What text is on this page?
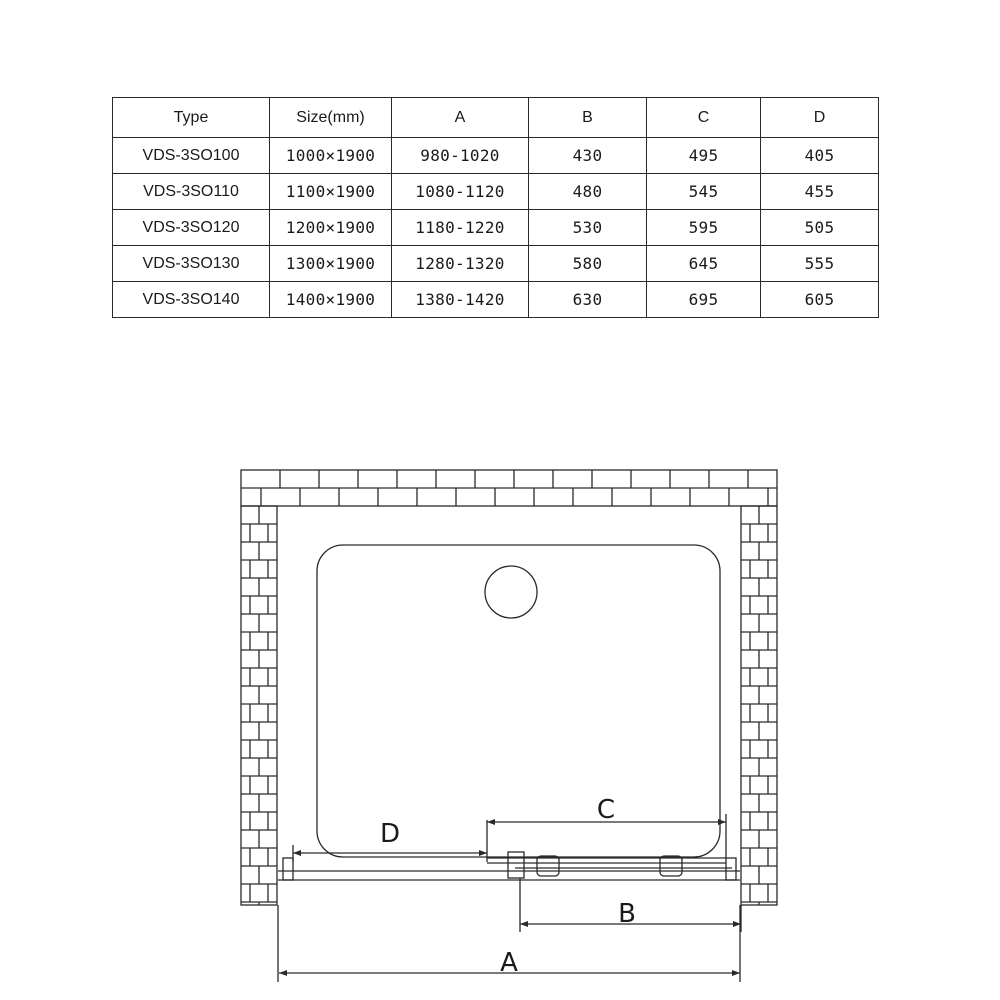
Type	Size(mm)	A	B	C	D
VDS-3SO100	1000×1900	980-1020	430	495	405
VDS-3SO110	1100×1900	1080-1120	480	545	455
VDS-3SO120	1200×1900	1180-1220	530	595	505
VDS-3SO130	1300×1900	1280-1320	580	645	555
VDS-3SO140	1400×1900	1380-1420	630	695	605
D
C
B
A
